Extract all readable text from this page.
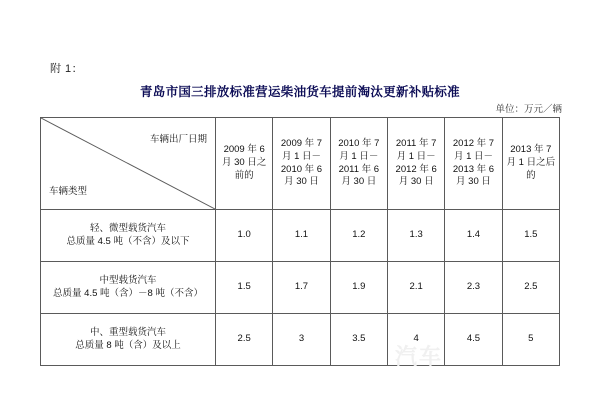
附 1：
青岛市国三排放标准营运柴油货车提前淘汰更新补贴标准
单位：万元／辆
车辆出厂日期
车辆类型	2009 年 6 月 30 日之前的	2009 年 7 月 1 日－2010 年 6 月 30 日	2010 年 7 月 1 日－2011 年 6 月 30 日	2011 年 7 月 1 日－2012 年 6 月 30 日	2012 年 7 月 1 日－2013 年 6 月 30 日	2013 年 7 月 1 日之后的

轻、微型载货汽车
总质量 4.5 吨（不含）及以下	1.0	1.1	1.2	1.3	1.4	1.5

中型载货汽车
总质量 4.5 吨（含）－8 吨（不含）	1.5	1.7	1.9	2.1	2.3	2.5

中、重型载货汽车
总质量 8 吨（含）及以上	2.5	3	3.5	4	4.5	5
汽车
